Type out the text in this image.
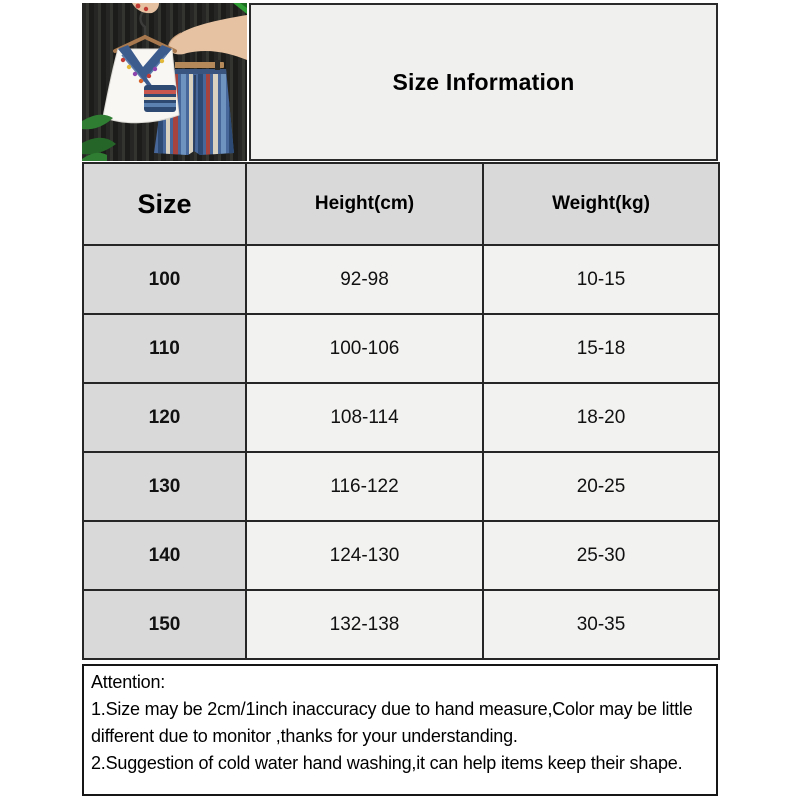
Size Information
Size	Height(cm)	Weight(kg)
100	92-98	10-15
110	100-106	15-18
120	108-114	18-20
130	116-122	20-25
140	124-130	25-30
150	132-138	30-35
Attention:
1.Size may be 2cm/1inch inaccuracy due to hand measure,Color may be little
different due to monitor ,thanks for your understanding.
2.Suggestion of cold water hand washing,it can help items keep their shape.
